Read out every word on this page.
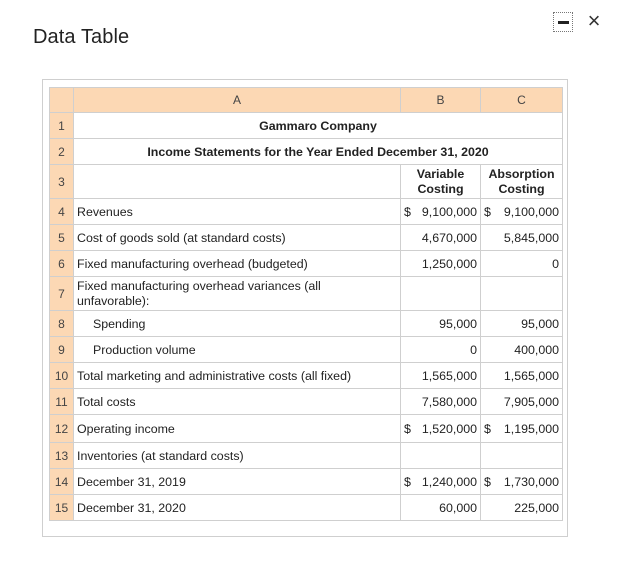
Data Table
×
	A	B	C
1	Gammaro Company		
2	Income Statements for the Year Ended December 31, 2020		
3		Variable Costing	Absorption Costing
4	Revenues	$ 9,100,000	$ 9,100,000

5	Cost of goods sold (at standard costs)	4,670,000	5,845,000
6	Fixed manufacturing overhead (budgeted)	1,250,000	0
7	Fixed manufacturing overhead variances (all unfavorable):		
8	Spending	95,000	95,000
9	Production volume	0	400,000
10	Total marketing and administrative costs (all fixed)	1,565,000	1,565,000
11	Total costs	7,580,000	7,905,000
12	Operating income	$ 1,520,000	$ 1,195,000

13	Inventories (at standard costs)		
14	December 31, 2019	$ 1,240,000	$ 1,730,000

15	December 31, 2020	60,000	225,000
